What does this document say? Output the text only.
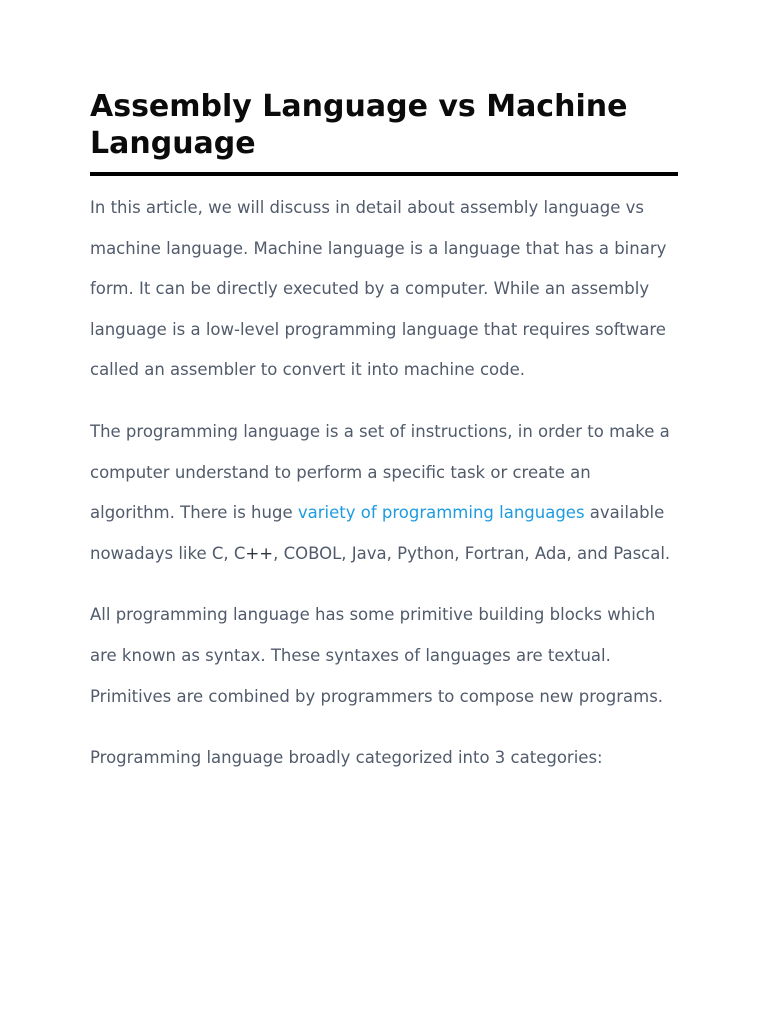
Assembly Language vs Machine Language

In this article, we will discuss in detail about assembly language vs machine language. Machine language is a language that has a binary form. It can be directly executed by a computer. While an assembly language is a low-level programming language that requires software called an assembler to convert it into machine code.

The programming language is a set of instructions, in order to make a computer understand to perform a specific task or create an algorithm. There is huge variety of programming languages available nowadays like C, C++, COBOL, Java, Python, Fortran, Ada, and Pascal.

All programming language has some primitive building blocks which are known as syntax. These syntaxes of languages are textual. Primitives are combined by programmers to compose new programs.

Programming language broadly categorized into 3 categories:
